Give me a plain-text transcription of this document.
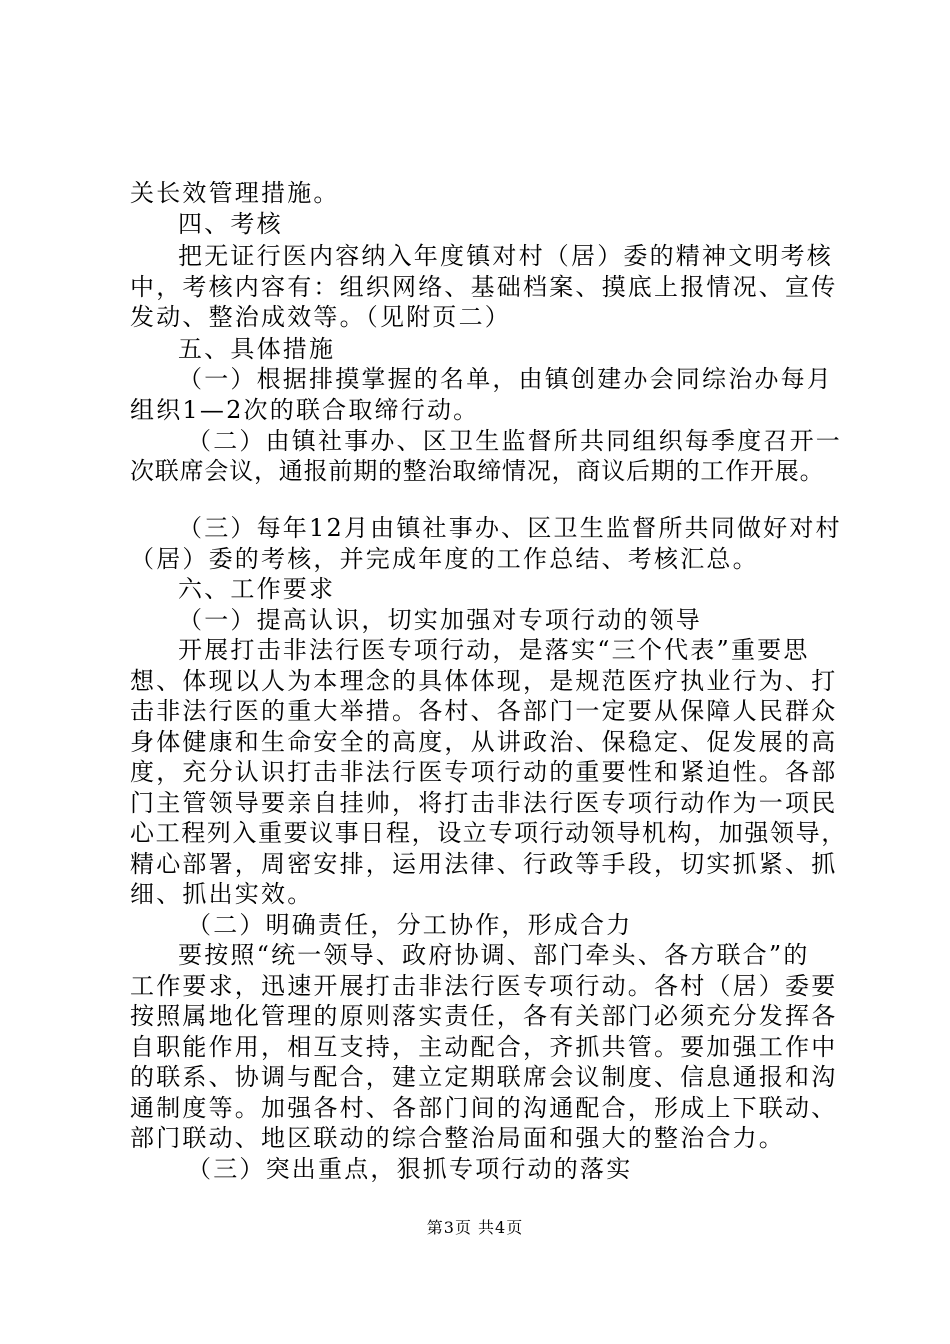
关长效管理措施。
四、考核
把无证行医内容纳入年度镇对村（居）委的精神文明考核
中，考核内容有：组织网络、基础档案、摸底上报情况、宣传
发动、整治成效等。（见附页二）
五、具体措施
（一）根据排摸掌握的名单，由镇创建办会同综治办每月
组织1—2次的联合取缔行动。
（二）由镇社事办、区卫生监督所共同组织每季度召开一
次联席会议，通报前期的整治取缔情况，商议后期的工作开展。
（三）每年12月由镇社事办、区卫生监督所共同做好对村
（居）委的考核，并完成年度的工作总结、考核汇总。
六、工作要求
（一）提高认识，切实加强对专项行动的领导
开展打击非法行医专项行动，是落实“三个代表”重要思
想、体现以人为本理念的具体体现，是规范医疗执业行为、打
击非法行医的重大举措。各村、各部门一定要从保障人民群众
身体健康和生命安全的高度，从讲政治、保稳定、促发展的高
度，充分认识打击非法行医专项行动的重要性和紧迫性。各部
门主管领导要亲自挂帅，将打击非法行医专项行动作为一项民
心工程列入重要议事日程，设立专项行动领导机构，加强领导，
精心部署，周密安排，运用法律、行政等手段，切实抓紧、抓
细、抓出实效。
（二）明确责任，分工协作，形成合力
要按照“统一领导、政府协调、部门牵头、各方联合”的
工作要求，迅速开展打击非法行医专项行动。各村（居）委要
按照属地化管理的原则落实责任，各有关部门必须充分发挥各
自职能作用，相互支持，主动配合，齐抓共管。要加强工作中
的联系、协调与配合，建立定期联席会议制度、信息通报和沟
通制度等。加强各村、各部门间的沟通配合，形成上下联动、
部门联动、地区联动的综合整治局面和强大的整治合力。
（三）突出重点，狠抓专项行动的落实
第3页 共4页
